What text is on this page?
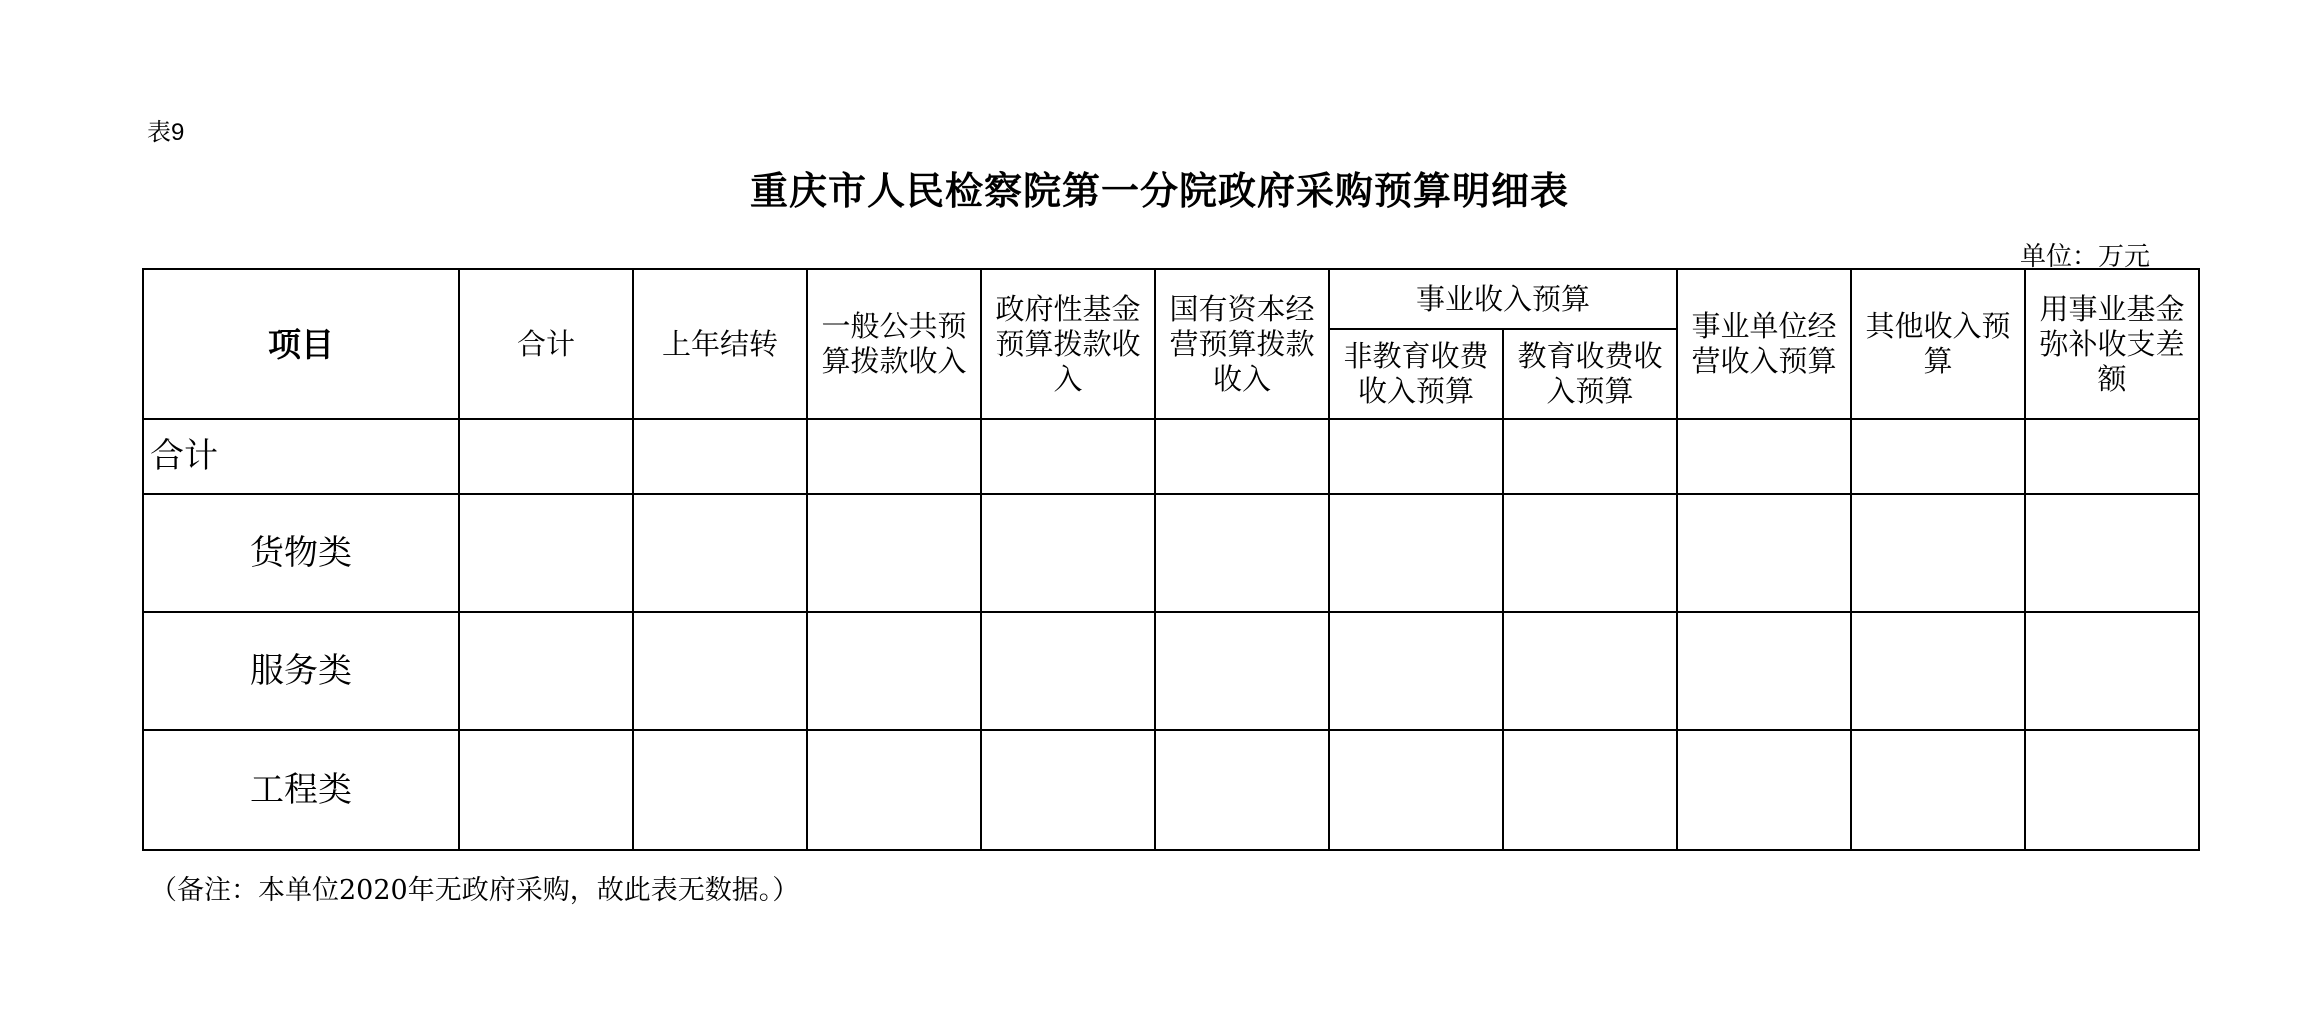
表9
重庆市人民检察院第一分院政府采购预算明细表
单位：万元
项目	合计	上年结转	一般公共预算拨款收入	政府性基金预算拨款收入	国有资本经营预算拨款收入	事业收入预算		事业单位经营收入预算	其他收入预算	用事业基金弥补收支差额
						非教育收费收入预算	教育收费收入预算			
合计										
货物类										
服务类										
工程类										
（备注：本单位2020年无政府采购，故此表无数据。）
